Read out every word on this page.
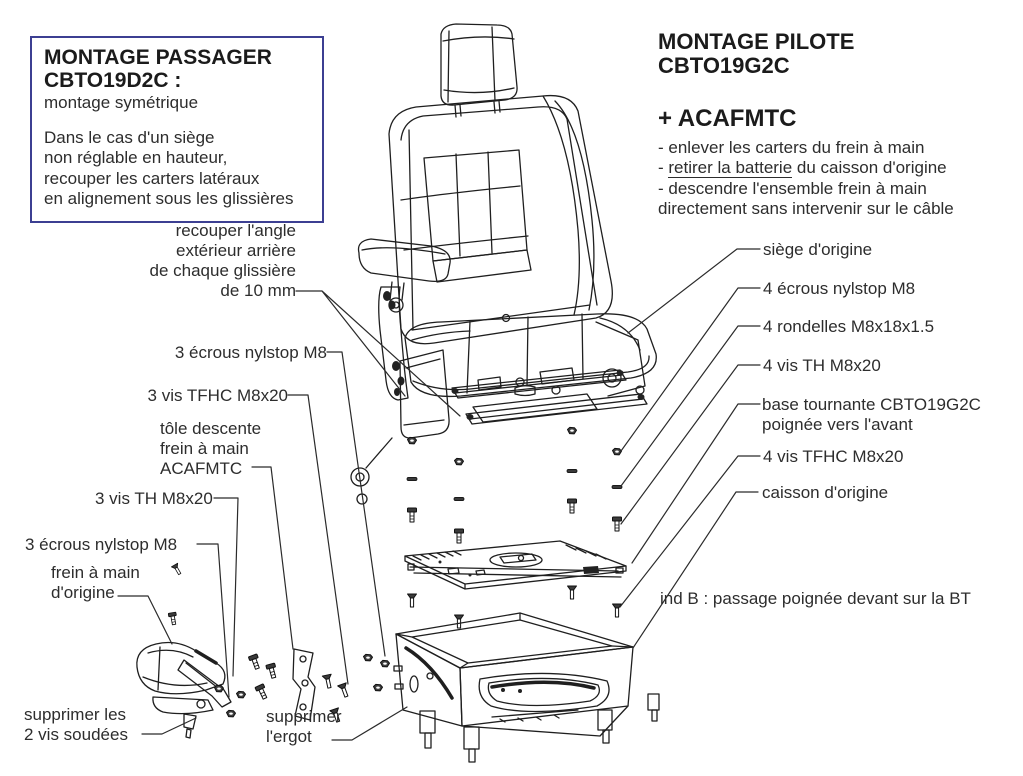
MONTAGE PASSAGER
CBTO19D2C :
montage symétrique
Dans le cas d'un siège
non réglable en hauteur,
recouper les carters latéraux
en alignement sous les glissières
MONTAGE PILOTE
CBTO19G2C
+ ACAFMTC
- enlever les carters du frein à main
- retirer la batterie du caisson d'origine
- descendre l'ensemble frein à main
directement sans intervenir sur le câble
recouper l'angle
extérieur arrière
de chaque glissière
de 10 mm
3 écrous nylstop M8
3 vis TFHC M8x20
tôle descente
frein à main
ACAFMTC
3 vis TH M8x20
3 écrous nylstop M8
frein à main
d'origine
supprimer les
2 vis soudées
supprimer
l'ergot
siège d'origine
4 écrous nylstop M8
4 rondelles M8x18x1.5
4 vis TH M8x20
base tournante CBTO19G2C
poignée vers l'avant
4 vis TFHC M8x20
caisson d'origine
ind B : passage poignée devant sur la BT
